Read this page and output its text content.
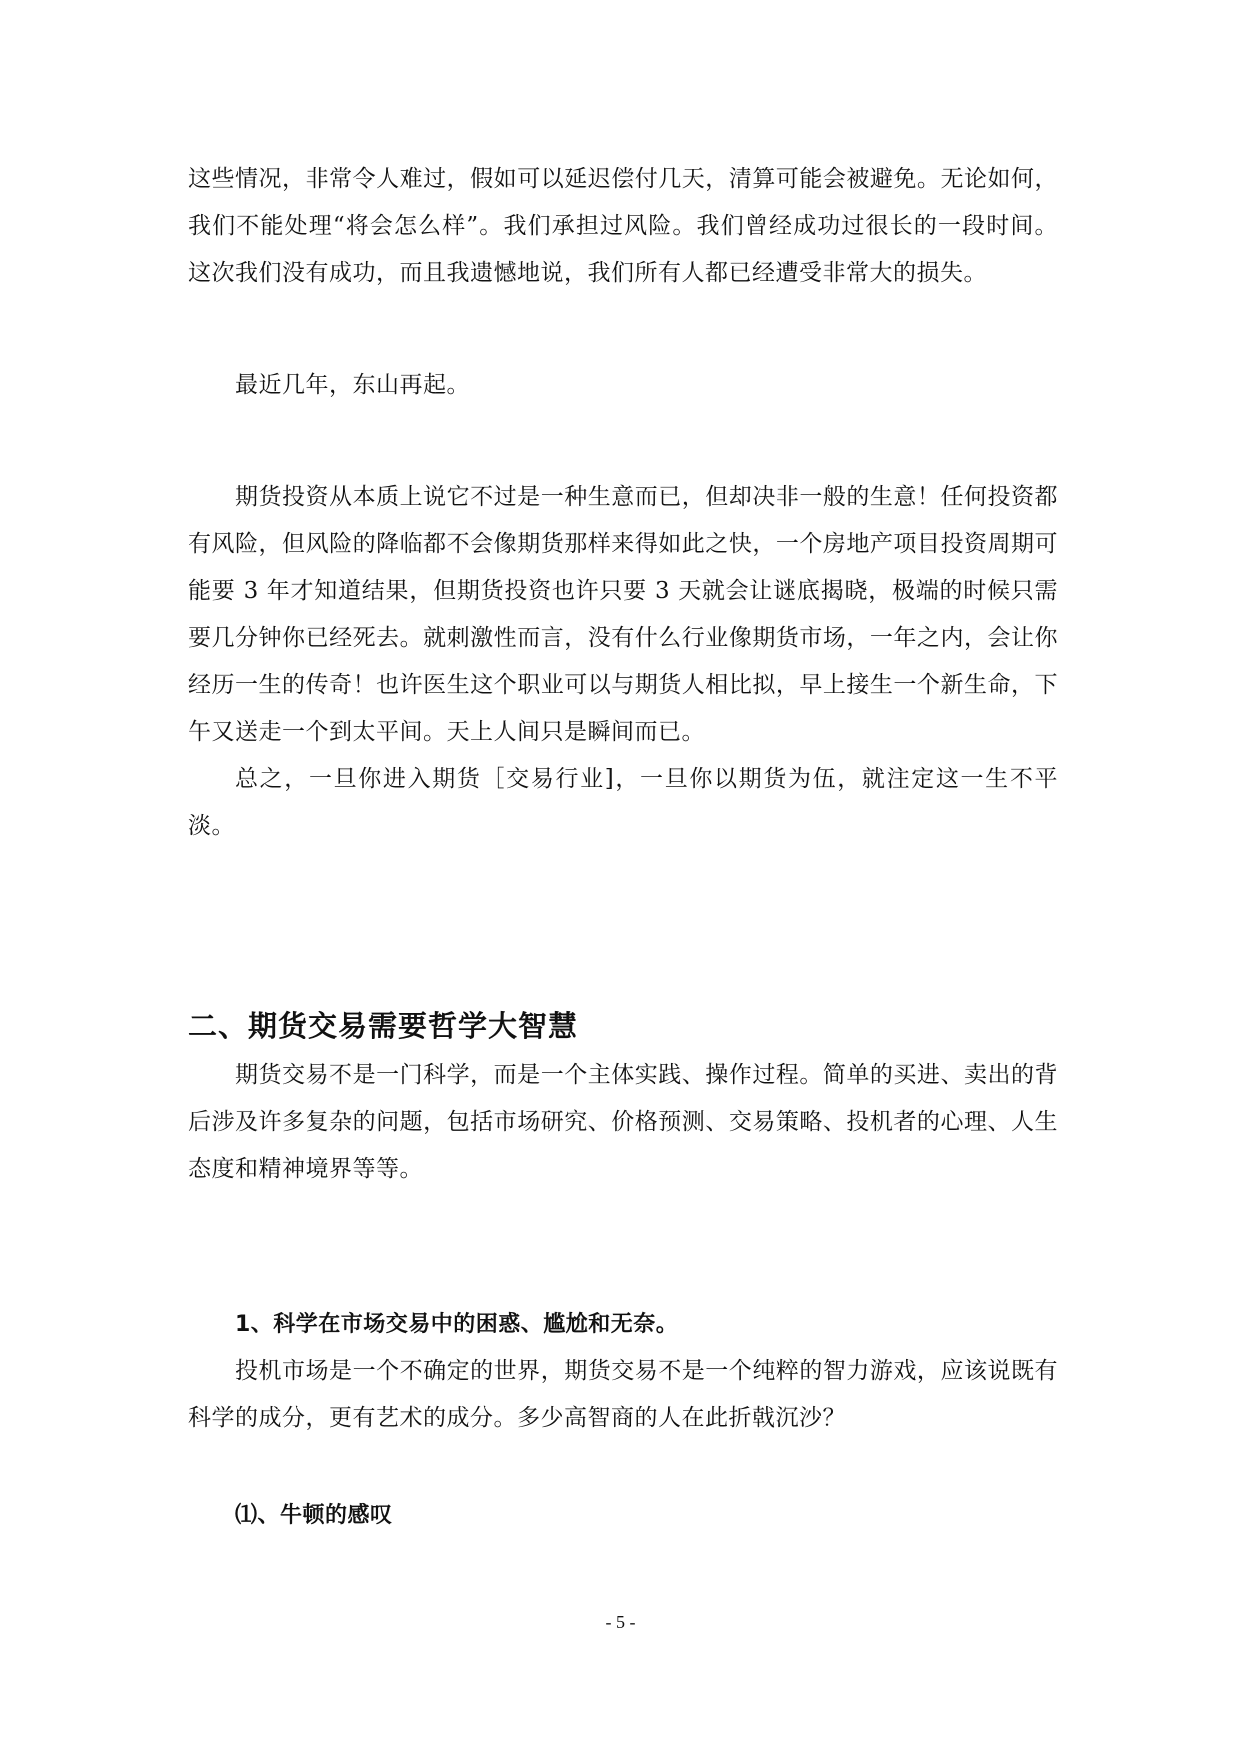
这些情况，非常令人难过，假如可以延迟偿付几天，清算可能会被避免。无论如何，我们不能处理“将会怎么样”。我们承担过风险。我们曾经成功过很长的一段时间。这次我们没有成功，而且我遗憾地说，我们所有人都已经遭受非常大的损失。

最近几年，东山再起。

期货投资从本质上说它不过是一种生意而已，但却决非一般的生意！任何投资都有风险，但风险的降临都不会像期货那样来得如此之快，一个房地产项目投资周期可能要 3 年才知道结果，但期货投资也许只要 3 天就会让谜底揭晓，极端的时候只需要几分钟你已经死去。就刺激性而言，没有什么行业像期货市场，一年之内，会让你经历一生的传奇！也许医生这个职业可以与期货人相比拟，早上接生一个新生命，下午又送走一个到太平间。天上人间只是瞬间而已。

总之，一旦你进入期货［交易行业]，一旦你以期货为伍，就注定这一生不平淡。

二、期货交易需要哲学大智慧

期货交易不是一门科学，而是一个主体实践、操作过程。简单的买进、卖出的背后涉及许多复杂的问题，包括市场研究、价格预测、交易策略、投机者的心理、人生态度和精神境界等等。

1、科学在市场交易中的困惑、尴尬和无奈。

投机市场是一个不确定的世界，期货交易不是一个纯粹的智力游戏，应该说既有科学的成分，更有艺术的成分。多少高智商的人在此折戟沉沙？

⑴、牛顿的感叹
- 5 -
